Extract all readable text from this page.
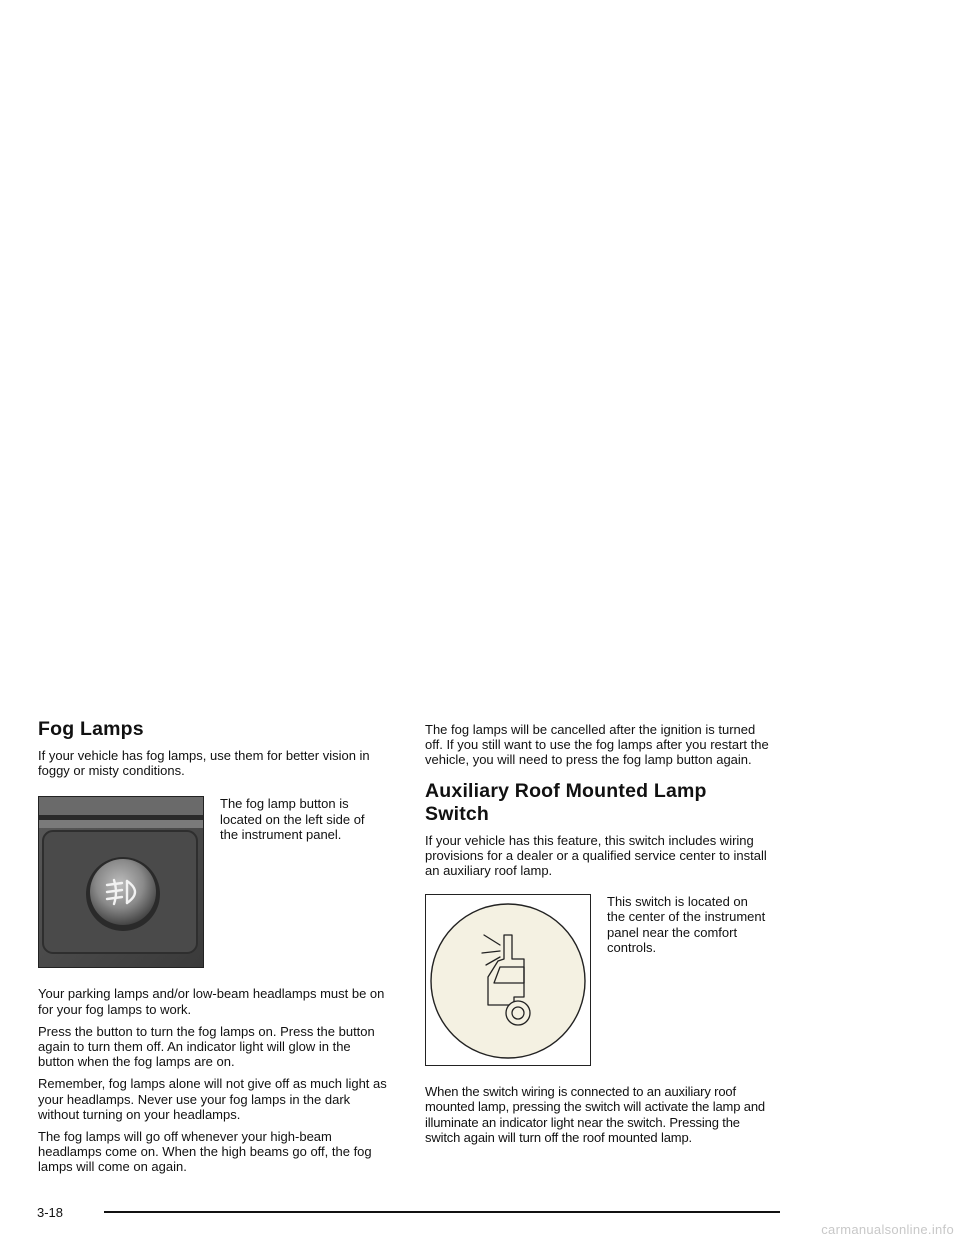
Fog Lamps

If your vehicle has fog lamps, use them for better vision in foggy or misty conditions.

The fog lamp button is located on the left side of the instrument panel.

Your parking lamps and/or low-beam headlamps must be on for your fog lamps to work.

Press the button to turn the fog lamps on. Press the button again to turn them off. An indicator light will glow in the button when the fog lamps are on.

Remember, fog lamps alone will not give off as much light as your headlamps. Never use your fog lamps in the dark without turning on your headlamps.

The fog lamps will go off whenever your high-beam headlamps come on. When the high beams go off, the fog lamps will come on again.

The fog lamps will be cancelled after the ignition is turned off. If you still want to use the fog lamps after you restart the vehicle, you will need to press the fog lamp button again.

Auxiliary Roof Mounted Lamp Switch

If your vehicle has this feature, this switch includes wiring provisions for a dealer or a qualified service center to install an auxiliary roof lamp.

This switch is located on the center of the instrument panel near the comfort controls.

When the switch wiring is connected to an auxiliary roof mounted lamp, pressing the switch will activate the lamp and illuminate an indicator light near the switch. Pressing the switch again will turn off the roof mounted lamp.

3-18
carmanualsonline.info
